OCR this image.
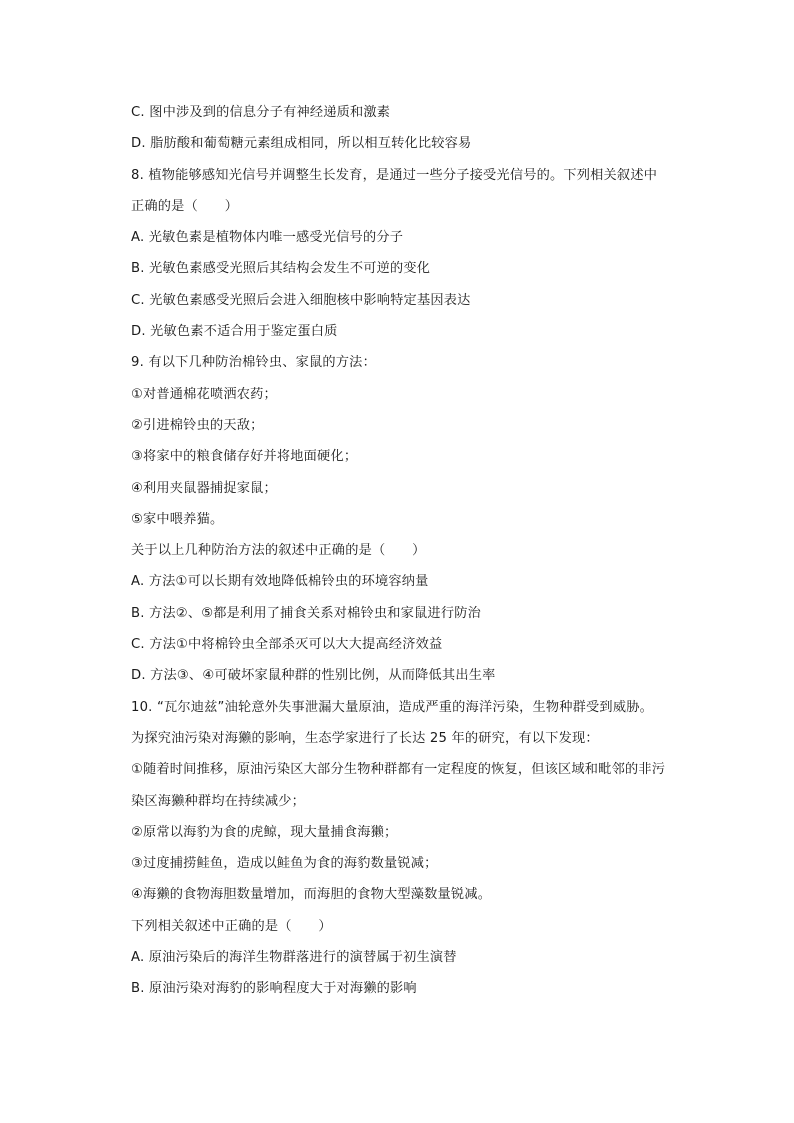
C. 图中涉及到的信息分子有神经递质和激素
D. 脂肪酸和葡萄糖元素组成相同，所以相互转化比较容易
8. 植物能够感知光信号并调整生长发育，是通过一些分子接受光信号的。下列相关叙述中
正确的是（　　）
A. 光敏色素是植物体内唯一感受光信号的分子
B. 光敏色素感受光照后其结构会发生不可逆的变化
C. 光敏色素感受光照后会进入细胞核中影响特定基因表达
D. 光敏色素不适合用于鉴定蛋白质
9. 有以下几种防治棉铃虫、家鼠的方法：
①对普通棉花喷洒农药；
②引进棉铃虫的天敌；
③将家中的粮食储存好并将地面硬化；
④利用夹鼠器捕捉家鼠；
⑤家中喂养猫。
关于以上几种防治方法的叙述中正确的是（　　）
A. 方法①可以长期有效地降低棉铃虫的环境容纳量
B. 方法②、⑤都是利用了捕食关系对棉铃虫和家鼠进行防治
C. 方法①中将棉铃虫全部杀灭可以大大提高经济效益
D. 方法③、④可破坏家鼠种群的性别比例，从而降低其出生率
10. “瓦尔迪兹”油轮意外失事泄漏大量原油，造成严重的海洋污染，生物种群受到威胁。
为探究油污染对海獭的影响，生态学家进行了长达 25 年的研究，有以下发现：
①随着时间推移，原油污染区大部分生物种群都有一定程度的恢复，但该区域和毗邻的非污
染区海獭种群均在持续减少；
②原常以海豹为食的虎鲸，现大量捕食海獭；
③过度捕捞鲑鱼，造成以鲑鱼为食的海豹数量锐减；
④海獭的食物海胆数量增加，而海胆的食物大型藻数量锐减。
下列相关叙述中正确的是（　　）
A. 原油污染后的海洋生物群落进行的演替属于初生演替
B. 原油污染对海豹的影响程度大于对海獭的影响
